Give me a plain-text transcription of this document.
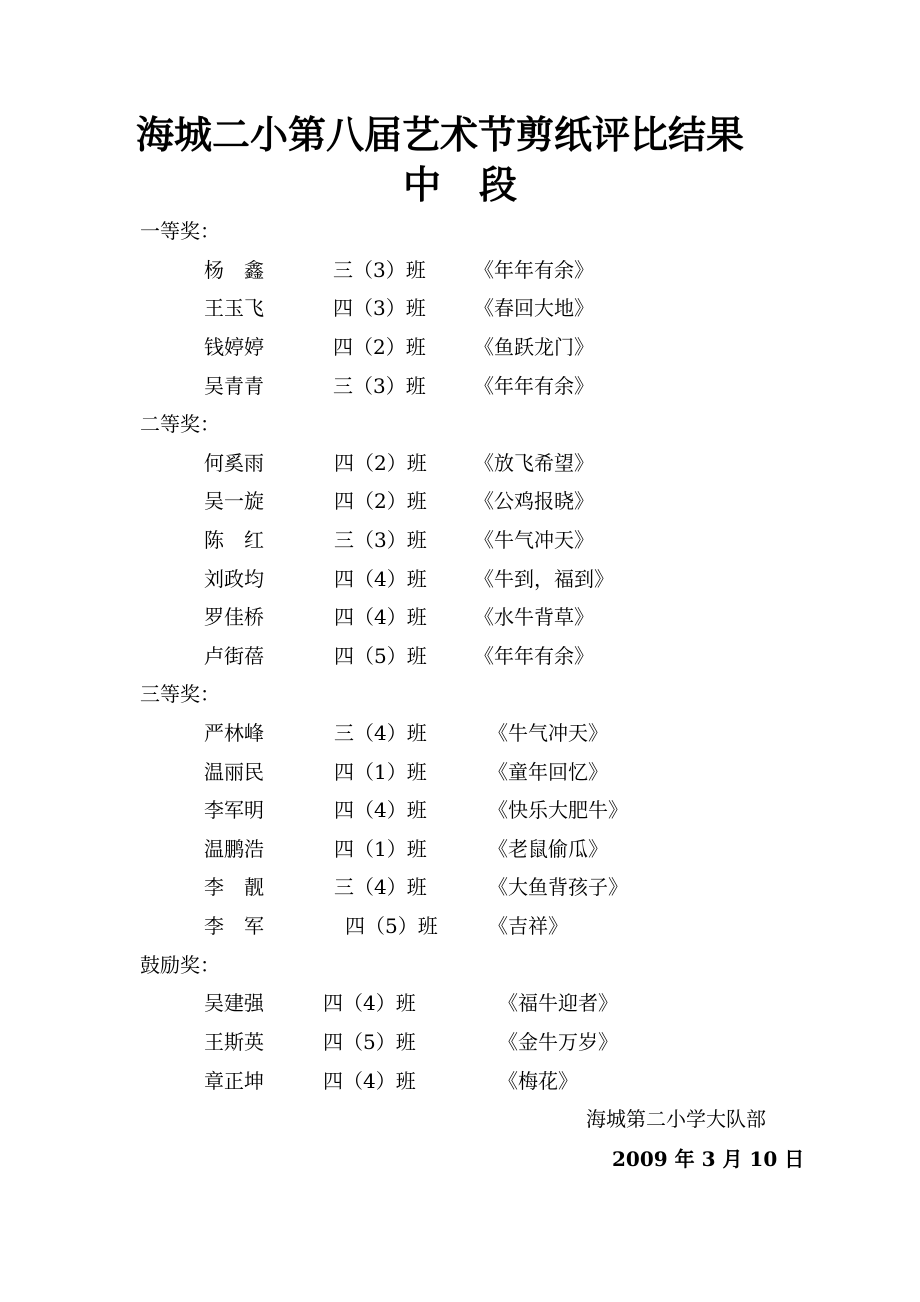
海城二小第八届艺术节剪纸评比结果
中　段
一等奖：
杨　鑫	三（3）班 《年年有余》
王玉飞	四（3）班 《春回大地》
钱婷婷	四（2）班 《鱼跃龙门》
吴青青	三（3）班 《年年有余》
二等奖：
何奚雨	四（2）班 《放飞希望》
吴一旋	四（2）班 《公鸡报晓》
陈　红	三（3）班 《牛气冲天》
刘政均	四（4）班 《牛到，福到》
罗佳桥	四（4）班 《水牛背草》
卢街蓓	四（5）班 《年年有余》
三等奖：
严林峰	三（4）班	《牛气冲天》
温丽民	四（1）班	《童年回忆》
李军明	四（4）班	《快乐大肥牛》
温鹏浩	四（1）班	《老鼠偷瓜》
李　靓	三（4）班	《大鱼背孩子》
李　军	四（5）班	《吉祥》
鼓励奖：
吴建强	四（4）班	《福牛迎者》
王斯英	四（5）班	《金牛万岁》
章正坤	四（4）班	《梅花》
海城第二小学大队部
2009 年 3 月 10 日
